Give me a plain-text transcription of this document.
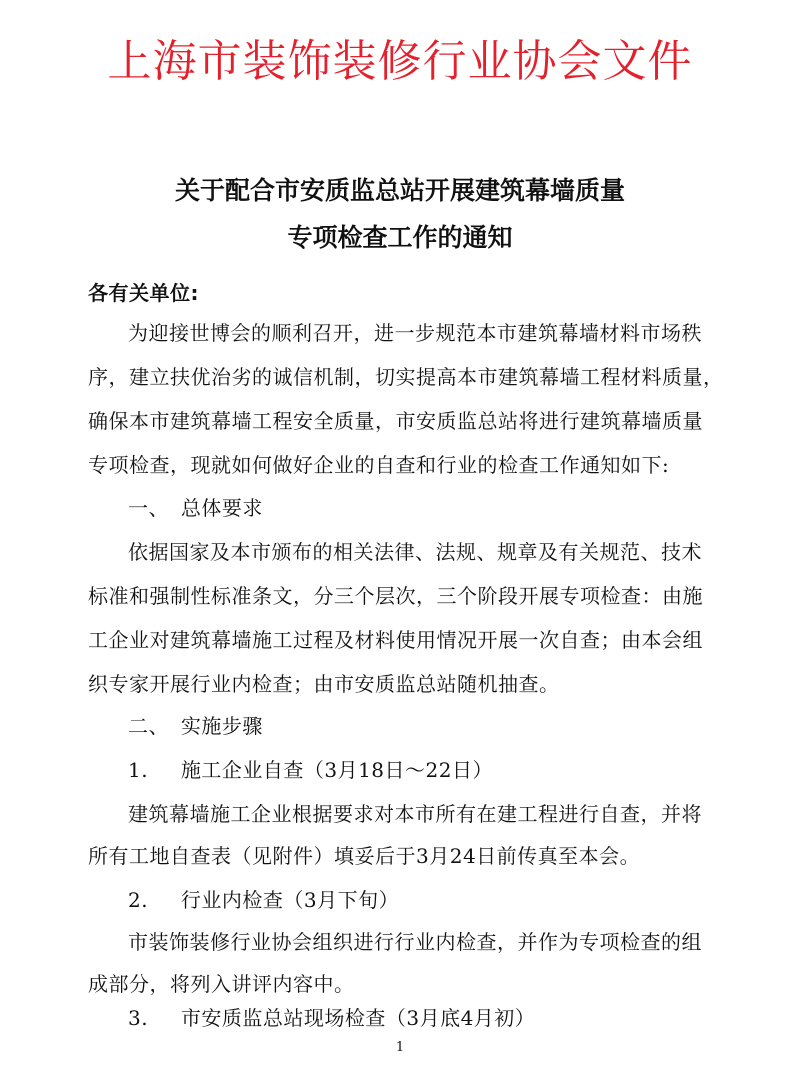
上海市装饰装修行业协会文件
关于配合市安质监总站开展建筑幕墙质量
专项检查工作的通知
各有关单位:
为迎接世博会的顺利召开，进一步规范本市建筑幕墙材料市场秩
序，建立扶优治劣的诚信机制，切实提高本市建筑幕墙工程材料质量，
确保本市建筑幕墙工程安全质量，市安质监总站将进行建筑幕墙质量
专项检查，现就如何做好企业的自查和行业的检查工作通知如下:
一、 总体要求
依据国家及本市颁布的相关法律、法规、规章及有关规范、技术
标准和强制性标准条文，分三个层次，三个阶段开展专项检查：由施
工企业对建筑幕墙施工过程及材料使用情况开展一次自查；由本会组
织专家开展行业内检查；由市安质监总站随机抽查。
二、 实施步骤
1. 施工企业自查（3月18日～22日）
建筑幕墙施工企业根据要求对本市所有在建工程进行自查，并将
所有工地自查表（见附件）填妥后于3月24日前传真至本会。
2. 行业内检查（3月下旬）
市装饰装修行业协会组织进行行业内检查，并作为专项检查的组
成部分，将列入讲评内容中。
3. 市安质监总站现场检查（3月底4月初）
1
